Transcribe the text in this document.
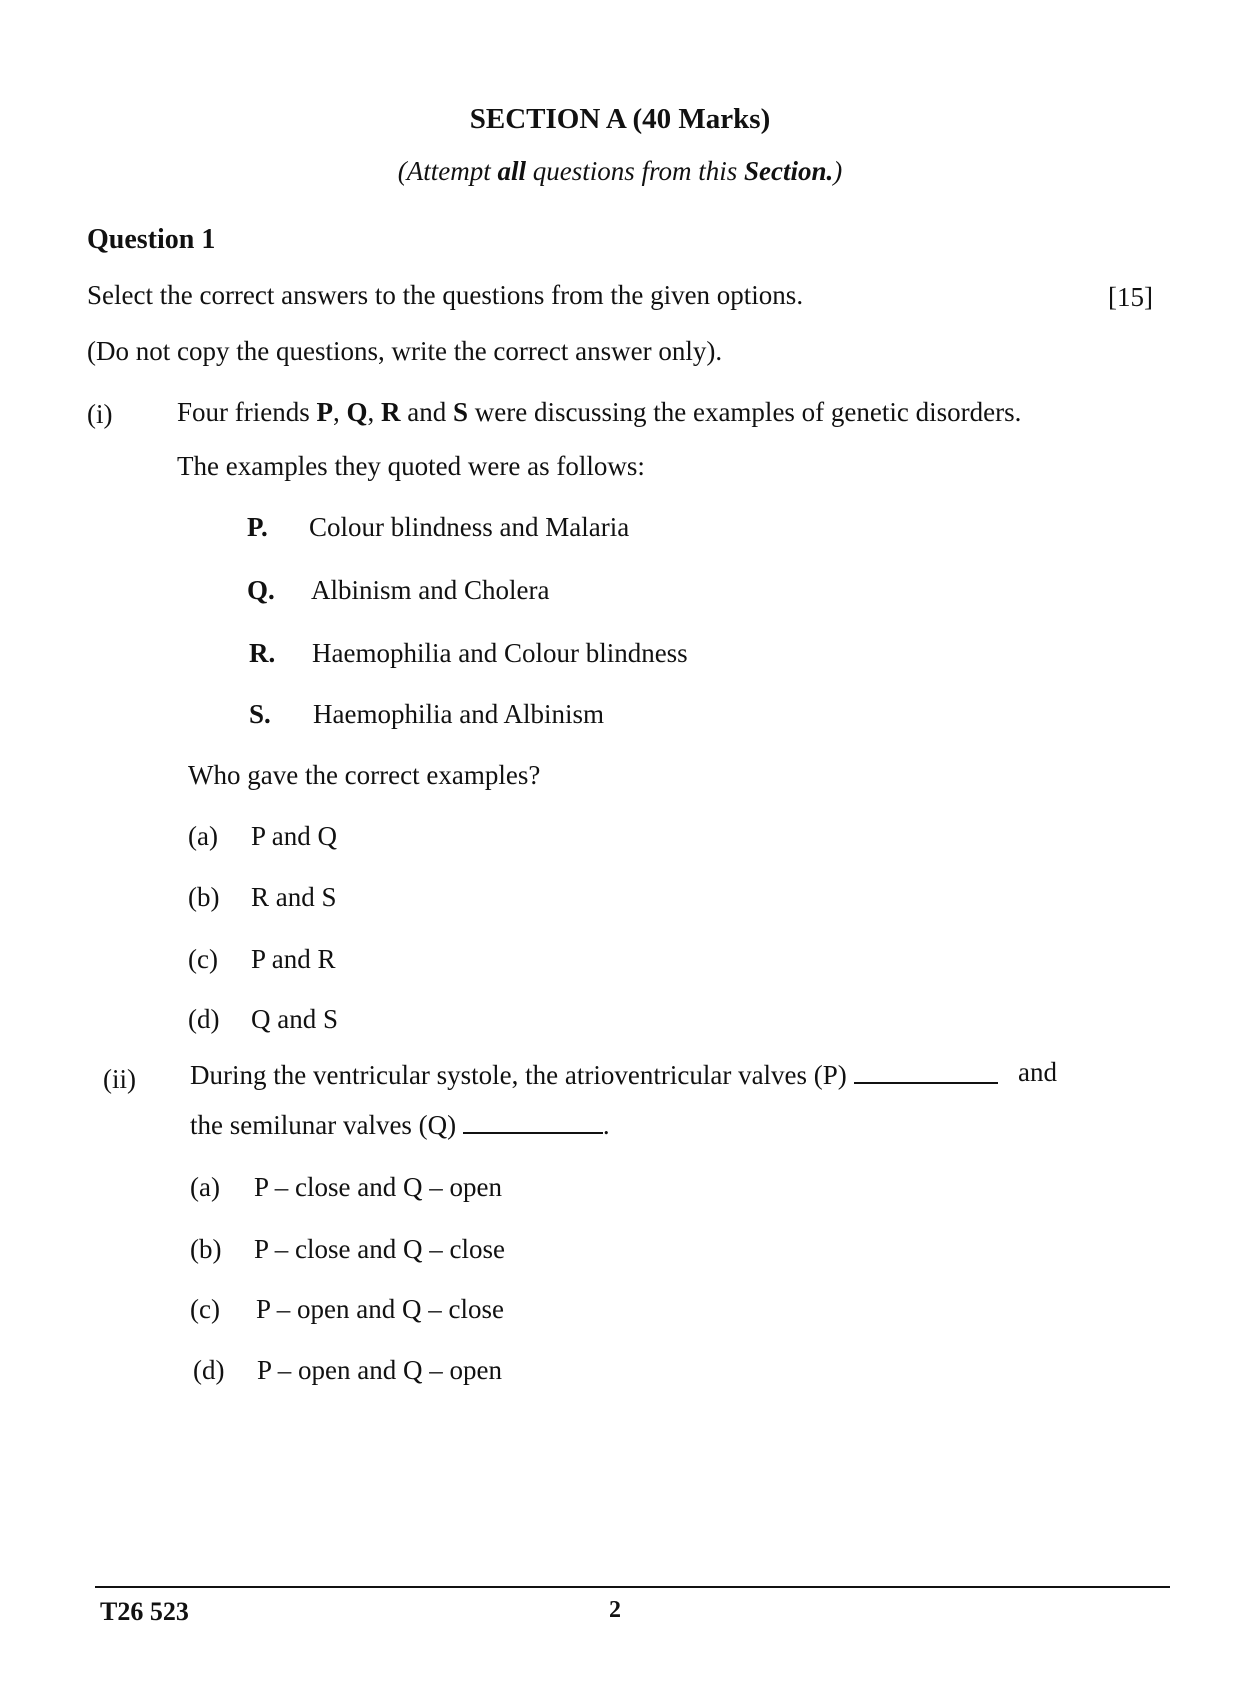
SECTION A (40 Marks)
(Attempt all questions from this Section.)
Question 1
Select the correct answers to the questions from the given options.	[15]
(Do not copy the questions, write the correct answer only).
(i) Four friends P, Q, R and S were discussing the examples of genetic disorders.
The examples they quoted were as follows:
P. Colour blindness and Malaria
Q. Albinism and Cholera
R. Haemophilia and Colour blindness
S. Haemophilia and Albinism
Who gave the correct examples?
(a) P and Q
(b) R and S
(c) P and R
(d) Q and S
(ii) During the ventricular systole, the atrioventricular valves (P)	and
the semilunar valves (Q)	.
(a) P – close and Q – open
(b) P – close and Q – close
(c) P – open and Q – close
(d) P – open and Q – open
T26 523	2
